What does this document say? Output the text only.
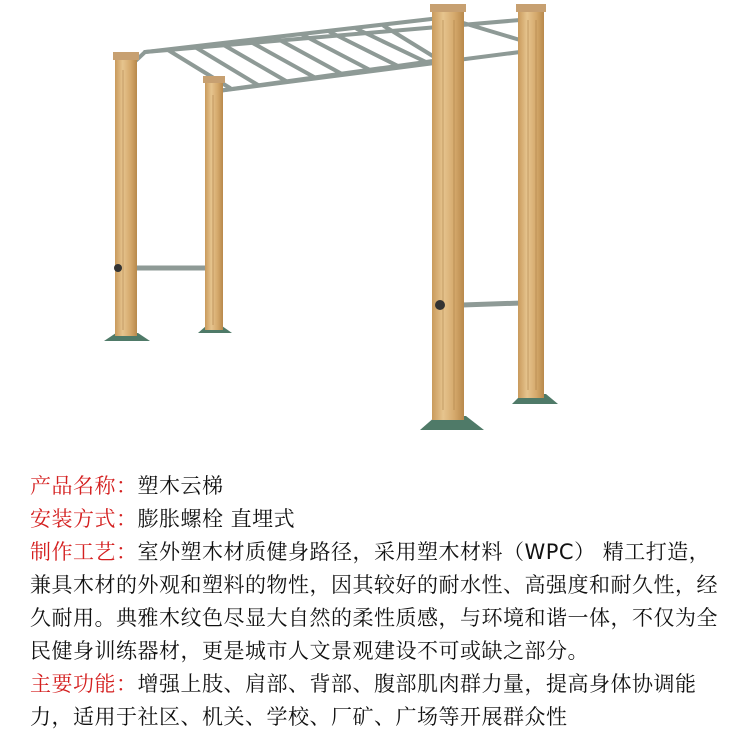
产品名称：塑木云梯

安装方式：膨胀螺栓 直埋式

制作工艺：室外塑木材质健身路径，采用塑木材料（WPC） 精工打造，兼具木材的外观和塑料的物性，因其较好的耐水性、高强度和耐久性，经久耐用。典雅木纹色尽显大自然的柔性质感，与环境和谐一体，不仅为全民健身训练器材，更是城市人文景观建设不可或缺之部分。

主要功能：增强上肢、肩部、背部、腹部肌肉群力量，提高身体协调能力，适用于社区、机关、学校、厂矿、广场等开展群众性
